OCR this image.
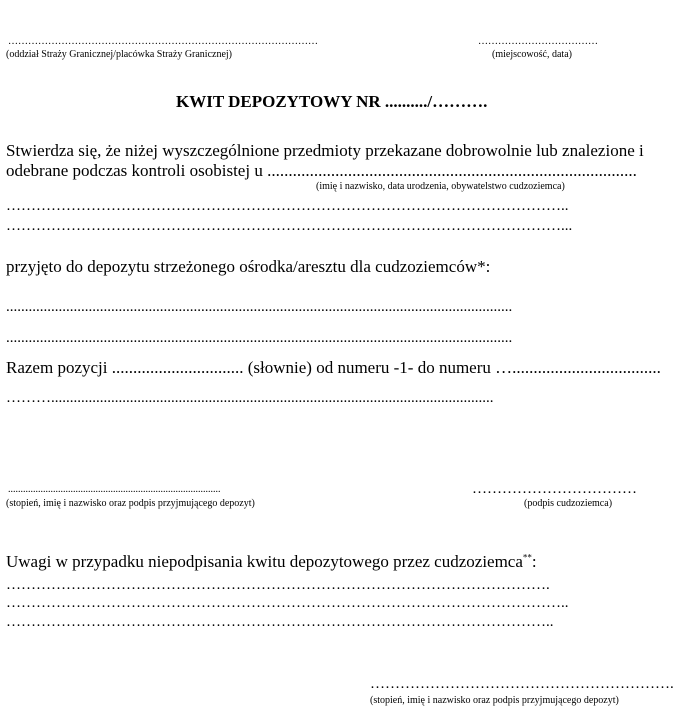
…………………………………………………………………………………
(oddział Straży Granicznej/placówka Straży Granicznej)
………………………………
(miejscowość, data)
KWIT DEPOZYTOWY NR ........../……….
Stwierdza się, że niżej wyszczególnione przedmioty przekazane dobrowolnie lub znalezione i
odebrane podczas kontroli osobistej u .......................................................................................
(imię i nazwisko, data urodzenia, obywatelstwo cudzoziemca)
…………………………………………………………………………………………………..
…………………………………………………………………………………………………...
przyjęto do depozytu strzeżonego ośrodka/aresztu dla cudzoziemców*:
.......................................................................................................................................
.......................................................................................................................................
Razem pozycji ............................... (słownie) od numeru -1- do numeru …...................................
………......................................................................................................................
.....................................................................................
(stopień, imię i nazwisko oraz podpis przyjmującego depozyt)
……………………………
(podpis cudzoziemca)
Uwagi w przypadku niepodpisania kwitu depozytowego przez cudzoziemca**:
……………………………………………………………………………………………….
…………………………………………………………………………………………………..
………………………………………………………………………………………………..
…………………………………………………….
(stopień, imię i nazwisko oraz podpis przyjmującego depozyt)
